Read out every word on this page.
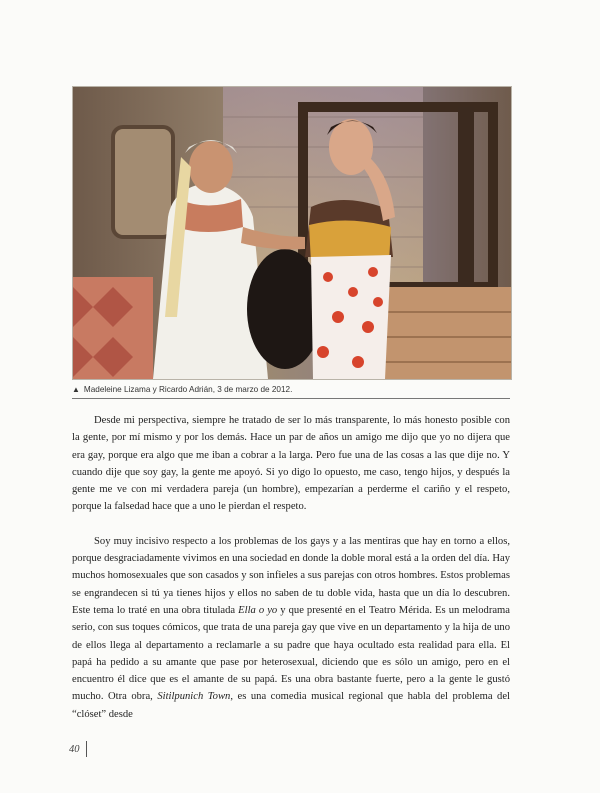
▲ Madeleine Lizama y Ricardo Adrián, 3 de marzo de 2012.

Desde mi perspectiva, siempre he tratado de ser lo más transparente, lo más honesto posible con la gente, por mí mismo y por los demás. Hace un par de años un amigo me dijo que yo no dijera que era gay, porque era algo que me iban a cobrar a la larga. Pero fue una de las cosas a las que dije no. Y cuando dije que soy gay, la gente me apoyó. Si yo digo lo opuesto, me caso, tengo hijos, y después la gente me ve con mi verdadera pareja (un hombre), empezarían a perderme el cariño y el respeto, porque la falsedad hace que a uno le pierdan el respeto.

Soy muy incisivo respecto a los problemas de los gays y a las mentiras que hay en torno a ellos, porque desgraciadamente vivimos en una sociedad en donde la doble moral está a la orden del día. Hay muchos homosexuales que son casados y son infieles a sus parejas con otros hombres. Estos problemas se engrandecen si tú ya tienes hijos y ellos no saben de tu doble vida, hasta que un día lo descubren. Este tema lo traté en una obra titulada Ella o yo y que presenté en el Teatro Mérida. Es un melodrama serio, con sus toques cómicos, que trata de una pareja gay que vive en un departamento y la hija de uno de ellos llega al departamento a reclamarle a su padre que haya ocultado esta realidad para ella. El papá ha pedido a su amante que pase por heterosexual, diciendo que es sólo un amigo, pero en el encuentro él dice que es el amante de su papá. Es una obra bastante fuerte, pero a la gente le gustó mucho. Otra obra, Sitilpunich Town, es una comedia musical regional que habla del problema del “clóset” desde

40
